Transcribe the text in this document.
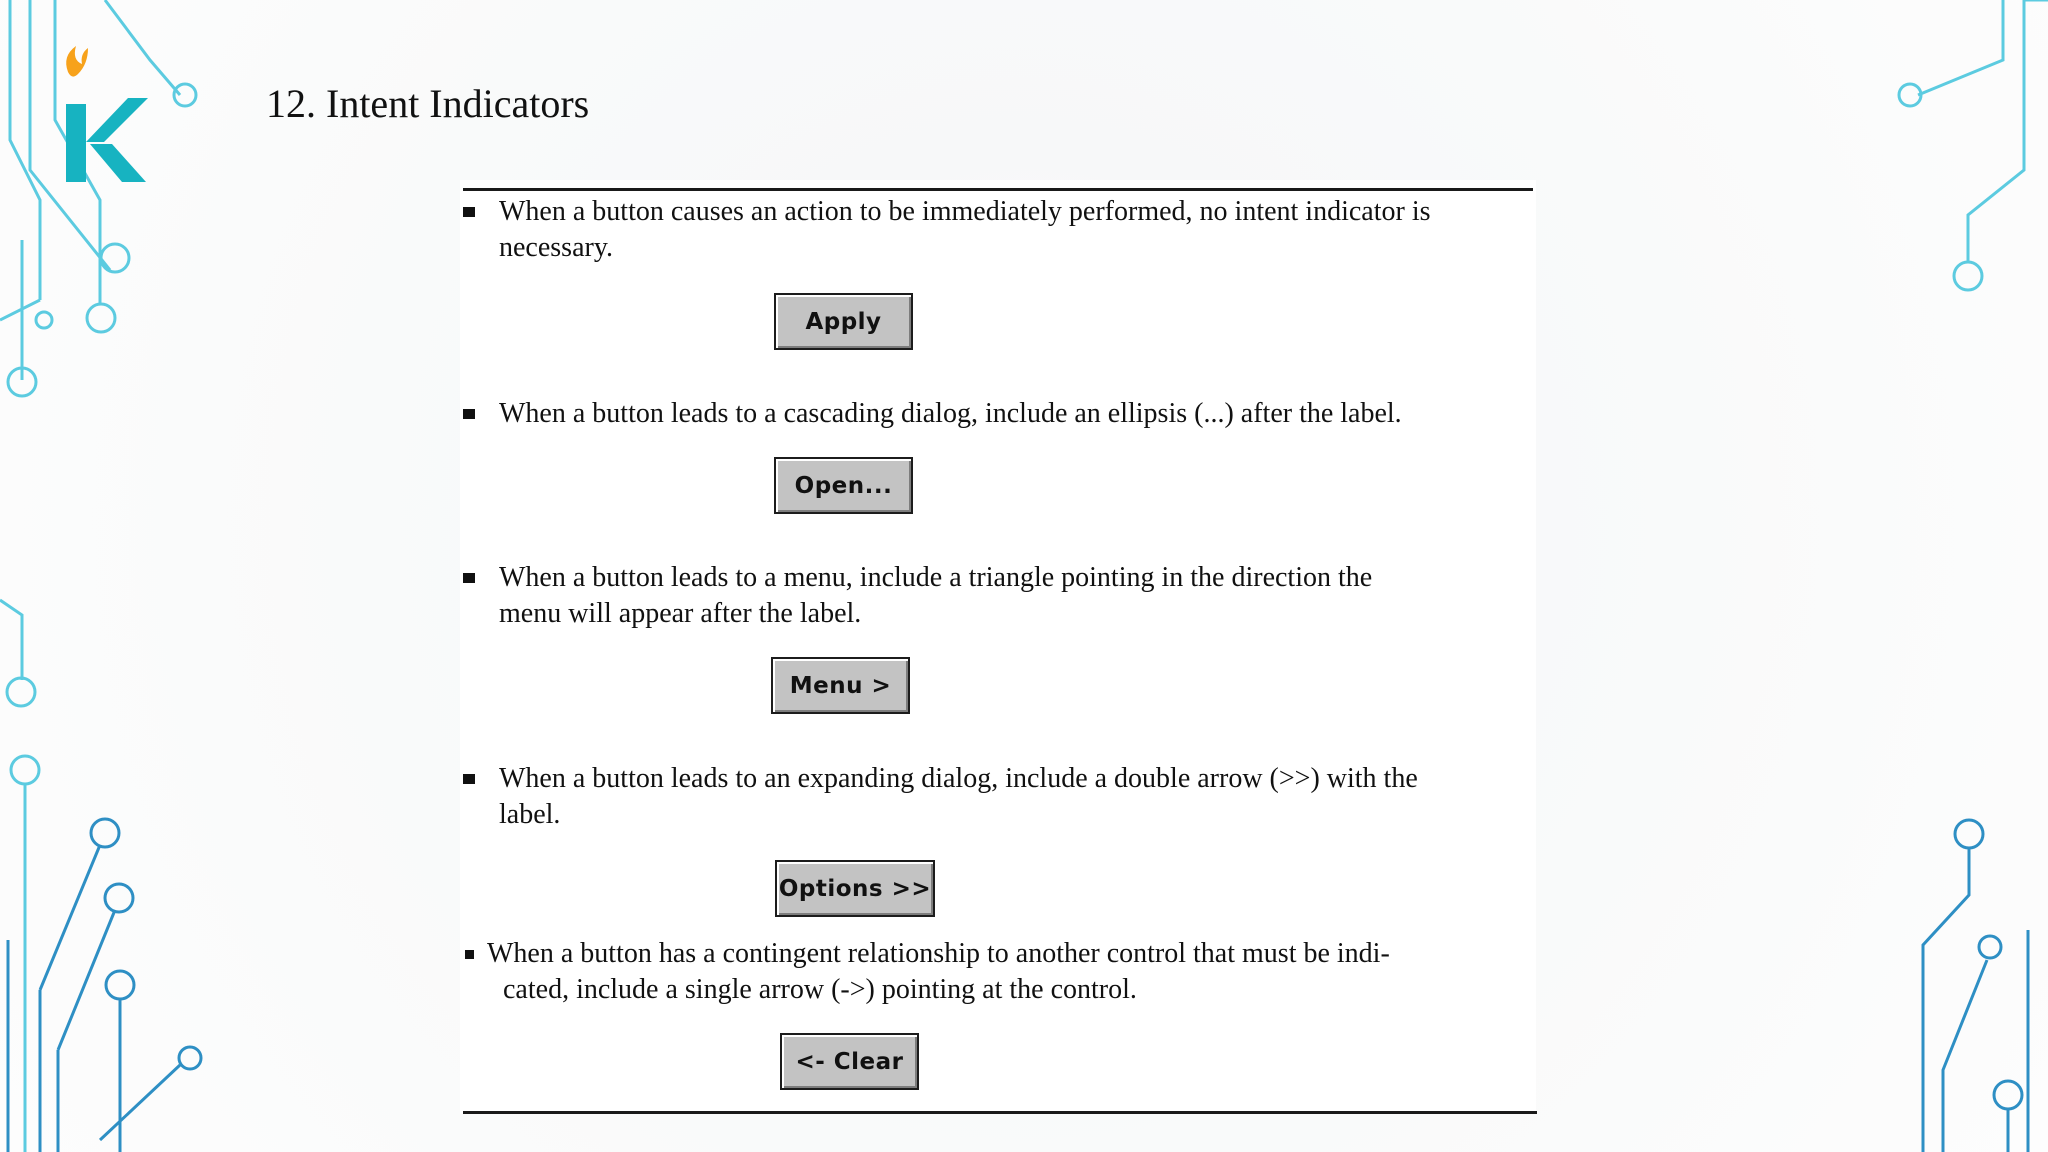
12. Intent Indicators
When a button causes an action to be immediately performed, no intent indicator is
necessary.
Apply
When a button leads to a cascading dialog, include an ellipsis (...) after the label.
Open...
When a button leads to a menu, include a triangle pointing in the direction the
menu will appear after the label.
Menu >
When a button leads to an expanding dialog, include a double arrow (>>) with the
label.
Options >>
When a button has a contingent relationship to another control that must be indi-
cated, include a single arrow (->) pointing at the control.
<- Clear
